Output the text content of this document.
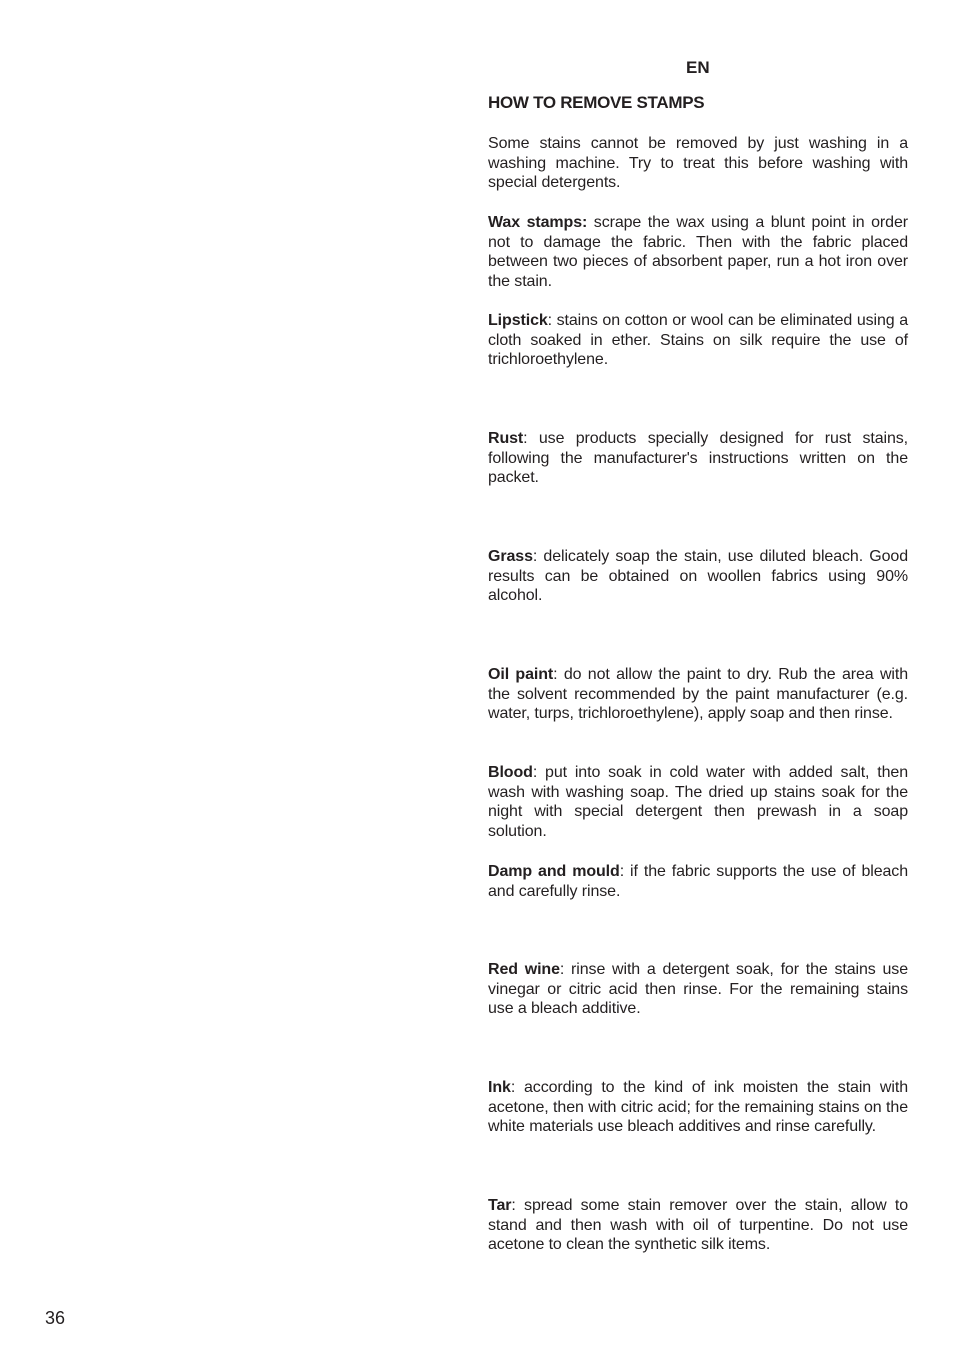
EN
HOW TO REMOVE STAMPS

Some stains cannot be removed by just washing in a washing machine. Try to treat this before washing with special detergents.

Wax stamps: scrape the wax using a blunt point in order not to damage the fabric. Then with the fabric placed between two pieces of absorbent paper, run a hot iron over the stain.

Lipstick: stains on cotton or wool can be eliminated using a cloth soaked in ether. Stains on silk require the use of trichloroethylene.

Rust: use products specially designed for rust stains, following the manufacturer's instructions written on the packet.

Grass: delicately soap the stain, use diluted bleach. Good results can be obtained on woollen fabrics using 90% alcohol.

Oil paint: do not allow the paint to dry. Rub the area with the solvent recommended by the paint manufacturer (e.g. water, turps, trichloroethylene), apply soap and then rinse.

Blood: put into soak in cold water with added salt, then wash with washing soap. The dried up stains soak for the night with special detergent then prewash in a soap solution.

Damp and mould: if the fabric supports the use of bleach and carefully rinse.

Red wine: rinse with a detergent soak, for the stains use vinegar or citric acid then rinse. For the remaining stains use a bleach additive.

Ink: according to the kind of ink moisten the stain with acetone, then with citric acid; for the remaining stains on the white materials use bleach additives and rinse carefully.

Tar: spread some stain remover over the stain, allow to stand and then wash with oil of turpentine. Do not use acetone to clean the synthetic silk items.

36
